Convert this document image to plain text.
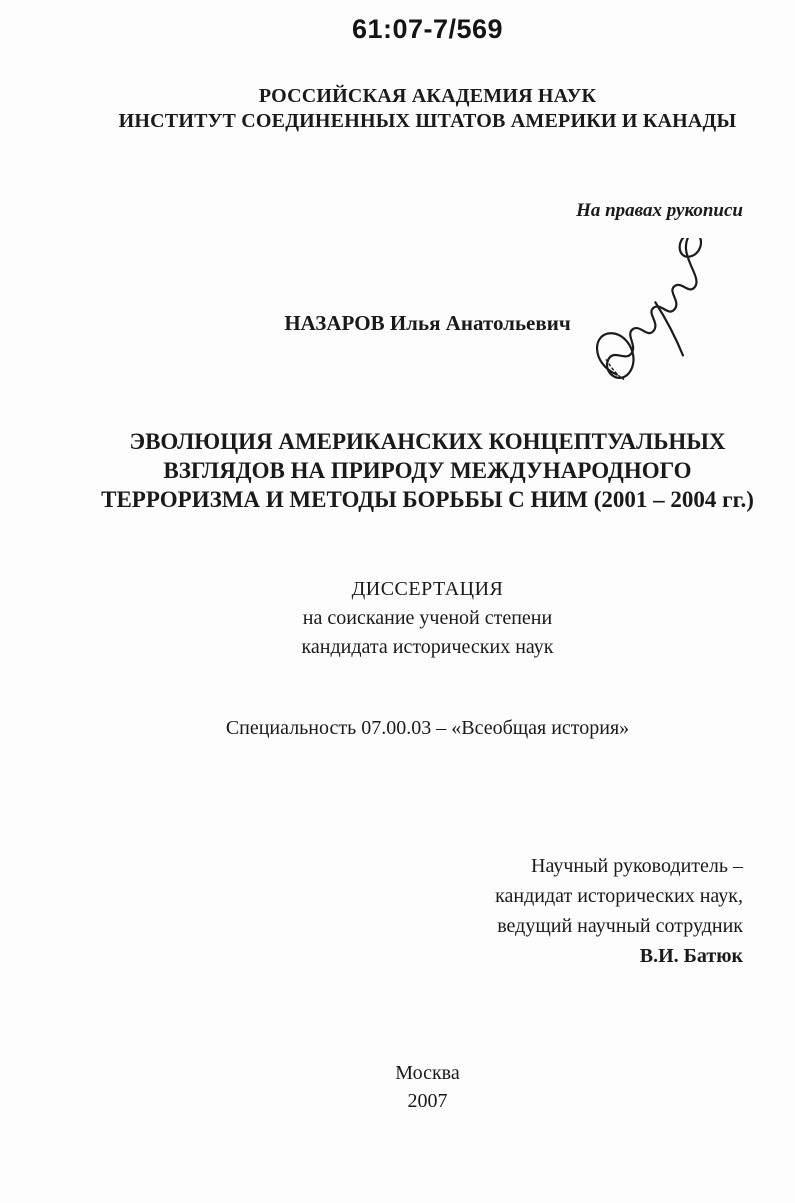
61:07-7/569
РОССИЙСКАЯ АКАДЕМИЯ НАУК
ИНСТИТУТ СОЕДИНЕННЫХ ШТАТОВ АМЕРИКИ И КАНАДЫ
На правах рукописи
НАЗАРОВ Илья Анатольевич
ЭВОЛЮЦИЯ АМЕРИКАНСКИХ КОНЦЕПТУАЛЬНЫХ
ВЗГЛЯДОВ НА ПРИРОДУ МЕЖДУНАРОДНОГО
ТЕРРОРИЗМА И МЕТОДЫ БОРЬБЫ С НИМ (2001 – 2004 гг.)
ДИССЕРТАЦИЯ
на соискание ученой степени
кандидата исторических наук
Специальность 07.00.03 – «Всеобщая история»
Научный руководитель –
кандидат исторических наук,
ведущий научный сотрудник
В.И. Батюк
Москва
2007
